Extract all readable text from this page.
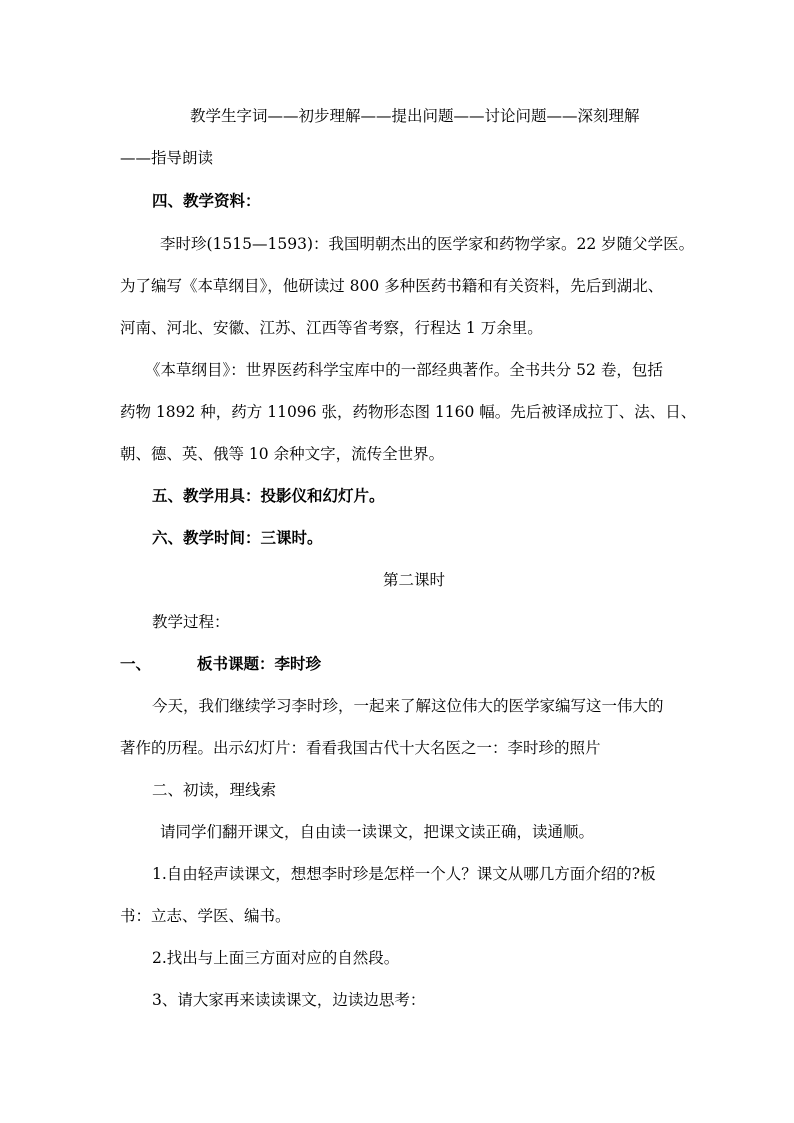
教学生字词——初步理解——提出问题——讨论问题——深刻理解
——指导朗读
四、教学资料：
李时珍(1515—1593)：我国明朝杰出的医学家和药物学家。22 岁随父学医。
为了编写《本草纲目》，他研读过 800 多种医药书籍和有关资料，先后到湖北、
河南、河北、安徽、江苏、江西等省考察，行程达 1 万余里。
《本草纲目》：世界医药科学宝库中的一部经典著作。全书共分 52 卷，包括
药物 1892 种，药方 11096 张，药物形态图 1160 幅。先后被译成拉丁、法、日、
朝、德、英、俄等 10 余种文字，流传全世界。
五、教学用具：投影仪和幻灯片。
六、教学时间：三课时。
第二课时
教学过程：
一、	板书课题：李时珍
今天，我们继续学习李时珍，一起来了解这位伟大的医学家编写这一伟大的
著作的历程。出示幻灯片：看看我国古代十大名医之一：李时珍的照片
二、初读，理线索
请同学们翻开课文，自由读一读课文，把课文读正确，读通顺。
1.自由轻声读课文，想想李时珍是怎样一个人？课文从哪几方面介绍的?板
书：立志、学医、编书。
2.找出与上面三方面对应的自然段。
3、请大家再来读读课文，边读边思考：
